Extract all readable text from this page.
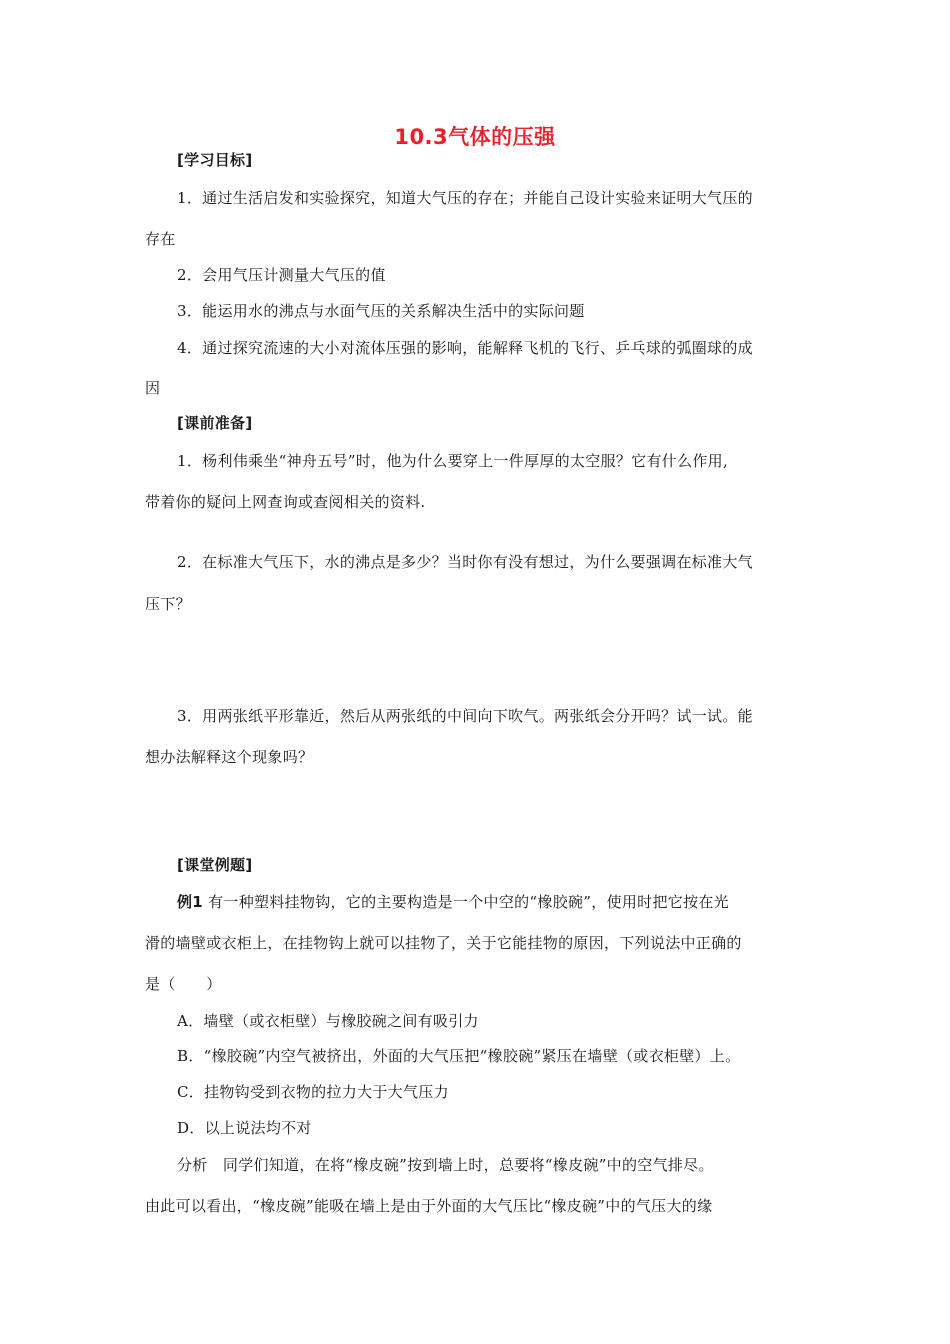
10.3气体的压强
[学习目标]
1．通过生活启发和实验探究，知道大气压的存在；并能自己设计实验来证明大气压的
存在
2．会用气压计测量大气压的值
3．能运用水的沸点与水面气压的关系解决生活中的实际问题
4．通过探究流速的大小对流体压强的影响，能解释飞机的飞行、乒乓球的弧圈球的成
因
[课前准备]
1．杨利伟乘坐“神舟五号”时，他为什么要穿上一件厚厚的太空服？它有什么作用,
带着你的疑问上网查询或查阅相关的资料.
2．在标准大气压下，水的沸点是多少？当时你有没有想过，为什么要强调在标准大气
压下？
3．用两张纸平形靠近，然后从两张纸的中间向下吹气。两张纸会分开吗？试一试。能
想办法解释这个现象吗？
[课堂例题]
例1 有一种塑料挂物钩，它的主要构造是一个中空的“橡胶碗”，使用时把它按在光
滑的墙壁或衣柜上，在挂物钩上就可以挂物了，关于它能挂物的原因，下列说法中正确的
是（　　）
A．墙壁（或衣柜壁）与橡胶碗之间有吸引力
B．“橡胶碗”内空气被挤出，外面的大气压把“橡胶碗”紧压在墙壁（或衣柜壁）上。
C．挂物钩受到衣物的拉力大于大气压力
D．以上说法均不对
分析　同学们知道，在将“橡皮碗”按到墙上时，总要将“橡皮碗”中的空气排尽。
由此可以看出，“橡皮碗”能吸在墙上是由于外面的大气压比“橡皮碗”中的气压大的缘
